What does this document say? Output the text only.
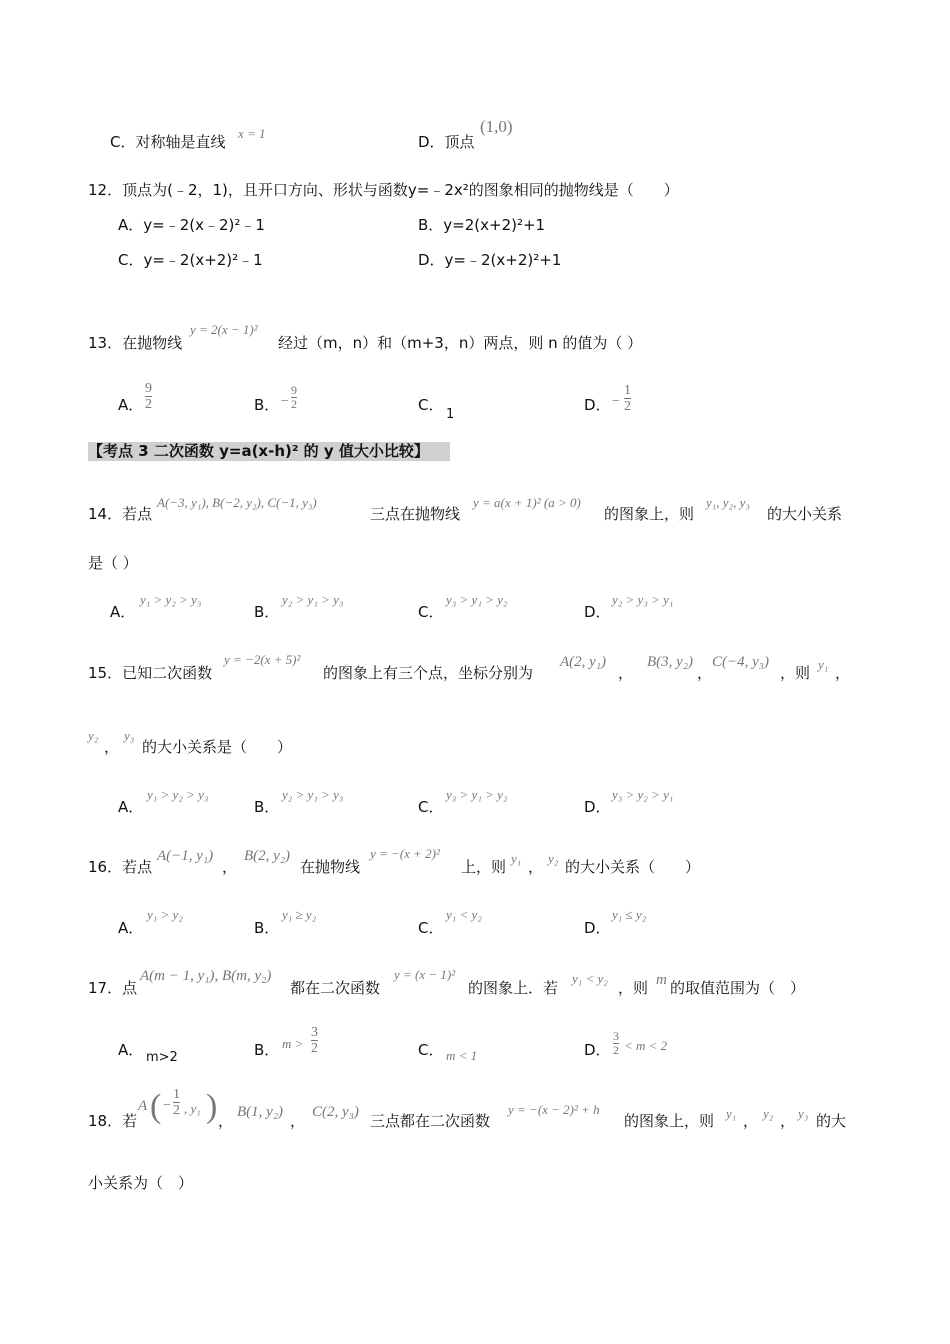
C．对称轴是直线 x = 1	D．顶点
(1,0)
12．顶点为(﹣2，1)，且开口方向、形状与函数y=﹣2x²的图象相同的抛物线是（　　）
A．y=﹣2(x﹣2)²﹣1	B．y=2(x+2)²+1
C．y=﹣2(x+2)²﹣1	D．y=﹣2(x+2)²+1
13．在抛物线
y = 2(x − 1)²
经过（m，n）和（m+3，n）两点，则 n 的值为（ ）
A．
9
2	B． −
9
2	C．
1
D． −
1
2
【考点 3 二次函数 y=a(x-h)² 的 y 值大小比较】
14．若点
A(−3, y₁), B(−2, y₂), C(−1, y₃)
三点在抛物线
y = a(x + 1)² (a > 0)
的图象上，则
y₁, y₂, y₃
的大小关系
是（ ）
A．
y₁ > y₂ > y₃
B．
y₂ > y₁ > y₃
C．
y₃ > y₁ > y₂
D．
y₂ > y₃ > y₁
15．已知二次函数
y = −2(x + 5)²
的图象上有三个点，坐标分别为
A(2, y₁)
，
B(3, y₂)
，
C(−4, y₃)
，则 y₁ ，
y₂
，
y₃
的大小关系是（　　）
A．
y₁ > y₂ > y₃
B．
y₂ > y₁ > y₃
C．
y₃ > y₁ > y₂
D．
y₃ > y₂ > y₁
16．若点
A(−1, y₁)
，
B(2, y₂)
在抛物线
y = −(x + 2)²
上，则 y₁ ， y₂ 的大小关系（　　）
A．
y₁ > y₂
B．
y₁ ≥ y₂
C．
y₁ < y₂
D．
y₁ ≤ y₂
17．点
A(m − 1, y₁), B(m, y₂)
都在二次函数
y = (x − 1)²
的图象上．若
y₁ < y₂
，则 m 的取值范围为（　）
A． m>2	B． m >
3
2	C． m < 1	D．
3
2 < m < 2
18．若
A ( −
1
2 , y₁ ) ， B(1, y₂) ， C(2, y₃) 三点都在二次函数
y = −(x − 2)² + h
的图象上，则 y₁ ， y₂ ， y₃ 的大
小关系为（　）
